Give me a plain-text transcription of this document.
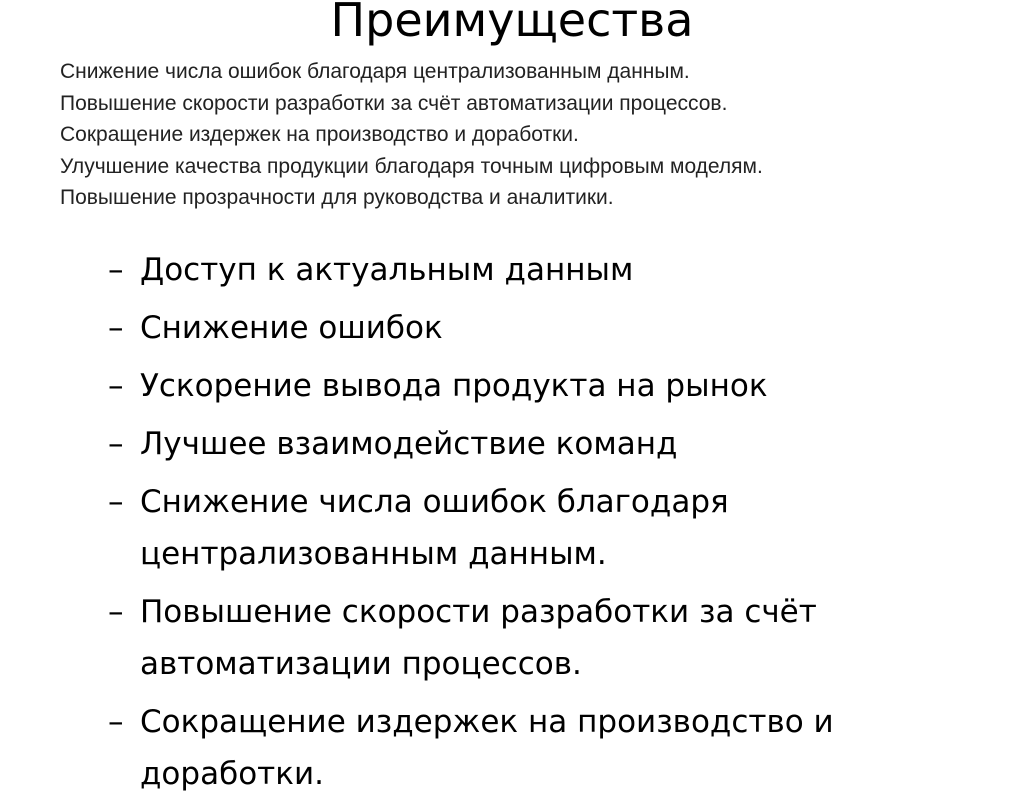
Преимущества
Снижение числа ошибок благодаря централизованным данным.
Повышение скорости разработки за счёт автоматизации процессов.
Сокращение издержек на производство и доработки.
Улучшение качества продукции благодаря точным цифровым моделям.
Повышение прозрачности для руководства и аналитики.
– Доступ к актуальным данным
– Снижение ошибок
– Ускорение вывода продукта на рынок
– Лучшее взаимодействие команд
– Снижение числа ошибок благодаря централизованным данным.
– Повышение скорости разработки за счёт автоматизации процессов.
– Сокращение издержек на производство и доработки.
